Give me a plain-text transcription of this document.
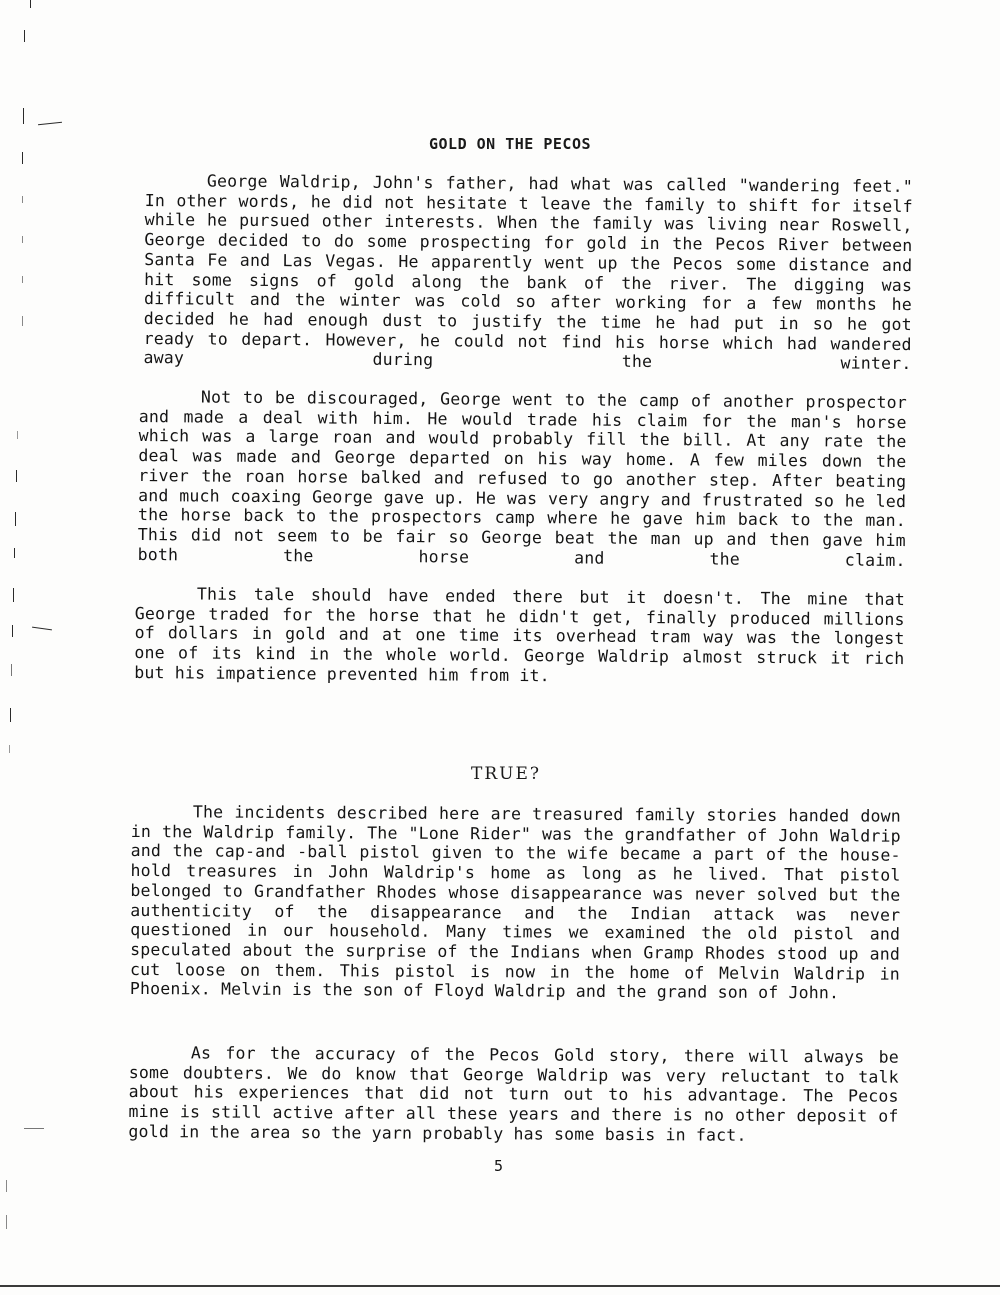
GOLD ON THE PECOS

George Waldrip, John's father, had what was called "wandering feet." In other words, he did not hesitate t leave the family to shift for itself while he pursued other interests. When the family was living near Roswell, George decided to do some prospecting for gold in the Pecos River between Santa Fe and Las Vegas. He apparently went up the Pecos some distance and hit some signs of gold along the bank of the river. The digging was difficult and the winter was cold so after working for a few months he decided he had enough dust to justify the time he had put in so he got ready to depart. However, he could not find his horse which had wandered away during the winter.

Not to be discouraged, George went to the camp of another prospector and made a deal with him. He would trade his claim for the man's horse which was a large roan and would probably fill the bill. At any rate the deal was made and George departed on his way home. A few miles down the river the roan horse balked and refused to go another step. After beating and much coaxing George gave up. He was very angry and frustrated so he led the horse back to the prospectors camp where he gave him back to the man. This did not seem to be fair so George beat the man up and then gave him both the horse and the claim.

This tale should have ended there but it doesn't. The mine that George traded for the horse that he didn't get, finally produced millions of dollars in gold and at one time its overhead tram way was the longest one of its kind in the whole world. George Waldrip almost struck it rich but his impatience prevented him from it.

TRUE?

The incidents described here are treasured family stories handed down in the Waldrip family. The "Lone Rider" was the grandfather of John Waldrip and the cap-and -ball pistol given to the wife became a part of the house-hold treasures in John Waldrip's home as long as he lived. That pistol belonged to Grandfather Rhodes whose disappearance was never solved but the authenticity of the disappearance and the Indian attack was never questioned in our household. Many times we examined the old pistol and speculated about the surprise of the Indians when Gramp Rhodes stood up and cut loose on them. This pistol is now in the home of Melvin Waldrip in Phoenix. Melvin is the son of Floyd Waldrip and the grand son of John.

As for the accuracy of the Pecos Gold story, there will always be some doubters. We do know that George Waldrip was very reluctant to talk about his experiences that did not turn out to his advantage. The Pecos mine is still active after all these years and there is no other deposit of gold in the area so the yarn probably has some basis in fact.

5
